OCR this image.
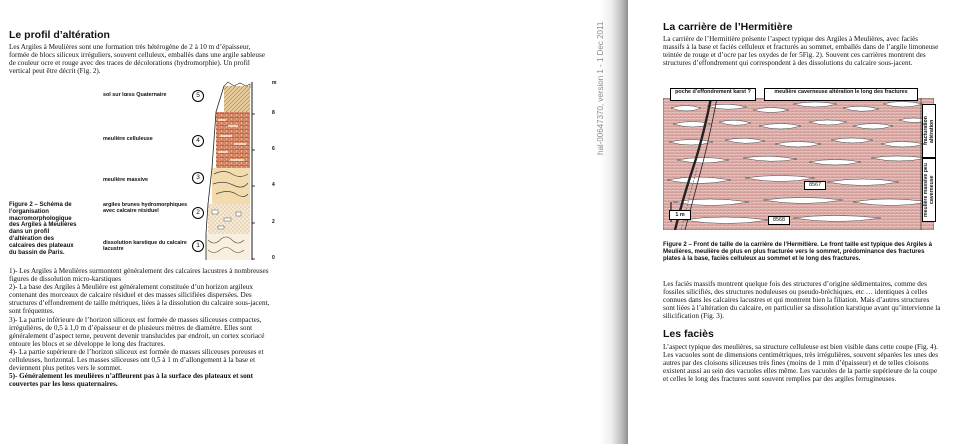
Le profil d’altération

Les Argiles à Meulières sont une formation très hétérogène de 2 à 10 m d’épaisseur, formée de blocs siliceux irréguliers, souvent celluleux, emballés dans une argile sableuse de couleur ocre et rouge avec des traces de décolorations (hydromorphie). Un profil vertical peut être décrit (Fig. 2).

Figure 2 – Schéma de l’organisation macromorphologique des Argiles à Meulières dans un profil d’altération des calcaires des plateaux du bassin de Paris.
sol sur lœss Quaternaire
meulière celluleuse
meulière massive
argiles brunes hydromorphiques avec calcaire résiduel
dissolution karstique du calcaire lacustre
5
4
3
2
1
m
8
6
4
2
0

1)- Les Argiles à Meulières surmontent généralement des calcaires lacustres à nombreuses figures de dissolution micro-karstiques

2)- La base des Argiles à Meulière est généralement constituée d’un horizon argileux contenant des morceaux de calcaire résiduel et des masses silicifiées dispersées. Des structures d’effondrement de taille métriques, liées à la dissolution du calcaire sous-jacent, sont fréquentes.

3)- La partie inférieure de l’horizon siliceux est formée de masses siliceuses compactes, irrégulières, de 0,5 à 1,0 m d’épaisseur et de plusieurs mètres de diamètre. Elles sont généralement d’aspect terne, peuvent devenir translucides par endroit, un cortex scoriacé entoure les blocs et se développe le long des fractures.

4)- La partie supérieure de l’horizon siliceux est formée de masses siliceuses poreuses et celluleuses, horizontal. Les masses siliceuses ont 0,5 à 1 m d’allongement à la base et deviennent plus petites vers le sommet.

5)- Généralement les meulières n’affleurent pas à la surface des plateaux et sont couvertes par les lœss quaternaires.

hal-00647370, version 1 - 1 Dec 2011	La carrière de l’Hermitière

La carrière de l’Hermitière présente l’aspect typique des Argiles à Meulières, avec faciès massifs à la base et faciès celluleux et fracturés au sommet, emballés dans de l’argile limoneuse teintée de rouge et d’ocre par les oxydes de fer 5Fig. 2). Souvent ces carrières montrent des structures d’effondrement qui correspondent à des dissolutions du calcaire sous-jacent.

poche d’effondrement karst ?	meulière caverneuse altération le long des fractures
fracturation altération
meulière massive peu caverneuse
1 m
8567
8568
Figure 2 – Front de taille de la carrière de l’Hermitière. Le front taille est typique des Argiles à Meulières, meulière de plus en plus fracturée vers le sommet, prédominance des fractures plates à la base, faciès celluleux au sommet et le long des fractures.

Les faciès massifs montrent quelque fois des structures d’origine sédimentaires, comme des fossiles silicifiés, des structures noduleuses ou pseudo-bréchiques, etc … identiques à celles connues dans les calcaires lacustres et qui montrent bien la filiation. Mais d’autres structures sont liées à l’altération du calcaire, en particulier sa dissolution karstique avant qu’intervienne la silicification (Fig. 3).

Les faciès

L’aspect typique des meulières, sa structure celluleuse est bien visible dans cette coupe (Fig. 4). Les vacuoles sont de dimensions centimétriques, très irrégulières, souvent séparées les unes des autres par des cloisons siliceuses très fines (moins de 1 mm d’épaisseur) et de telles cloisons existent aussi au sein des vacuoles elles même. Les vacuoles de la partie supérieure de la coupe et celles le long des fractures sont souvent remplies par des argiles ferrugineuses.
